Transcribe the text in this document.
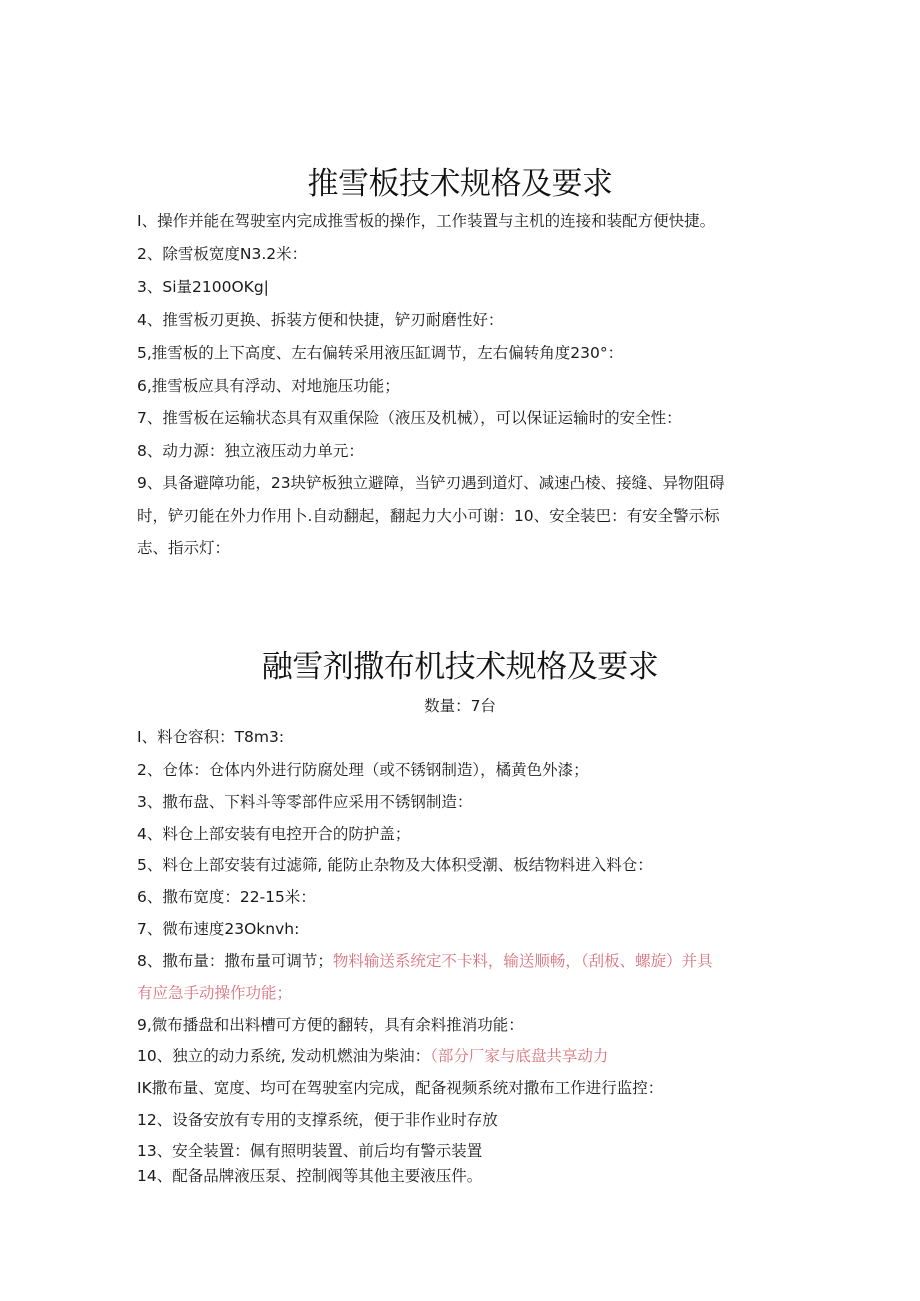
推雪板技术规格及要求
I、操作并能在驾驶室内完成推雪板的操作，工作装置与主机的连接和装配方便快捷。
2、除雪板宽度N3.2米：
3、Si量2100OKg|
4、推雪板刃更换、拆装方便和快捷，铲刃耐磨性好：
5,推雪板的上下高度、左右偏转采用液压缸调节，左右偏转角度230°：
6,推雪板应具有浮动、对地施压功能；
7、推雪板在运输状态具有双重保险（液压及机械），可以保证运输时的安全性：
8、动力源：独立液压动力单元：
9、具备避障功能，23块铲板独立避障，当铲刃遇到道灯、减速凸棱、接缝、异物阻碍
时，铲刃能在外力作用卜.自动翻起，翻起力大小可谢：10、安全装巴：有安全警示标
志、指示灯：
融雪剂撒布机技术规格及要求
数量：7台
I、料仓容积：T8m3:
2、仓体：仓体内外进行防腐处理（或不锈钢制造），橘黄色外漆；
3、撒布盘、下料斗等零部件应采用不锈钢制造：
4、料仓上部安装有电控开合的防护盖；
5、料仓上部安装有过滤筛, 能防止杂物及大体积受潮、板结物料进入料仓：
6、撒布宽度：22-15米：
7、微布速度23Oknvh:
8、撒布量：撒布量可调节；物料输送系统定不卡料，输送顺畅，（刮板、螺旋）并具
有应急手动操作功能；
9,微布播盘和出料槽可方便的翻转，具有余料推消功能：
10、独立的动力系统, 发动机燃油为柴油：（部分厂家与底盘共享动力
IK撒布量、宽度、均可在驾驶室内完成，配备视频系统对撒布工作进行监控：
12、设备安放有专用的支撑系统，便于非作业时存放
13、安全装置：佩有照明装置、前后均有警示装置
14、配备品牌液压泵、控制阀等其他主要液压件。
